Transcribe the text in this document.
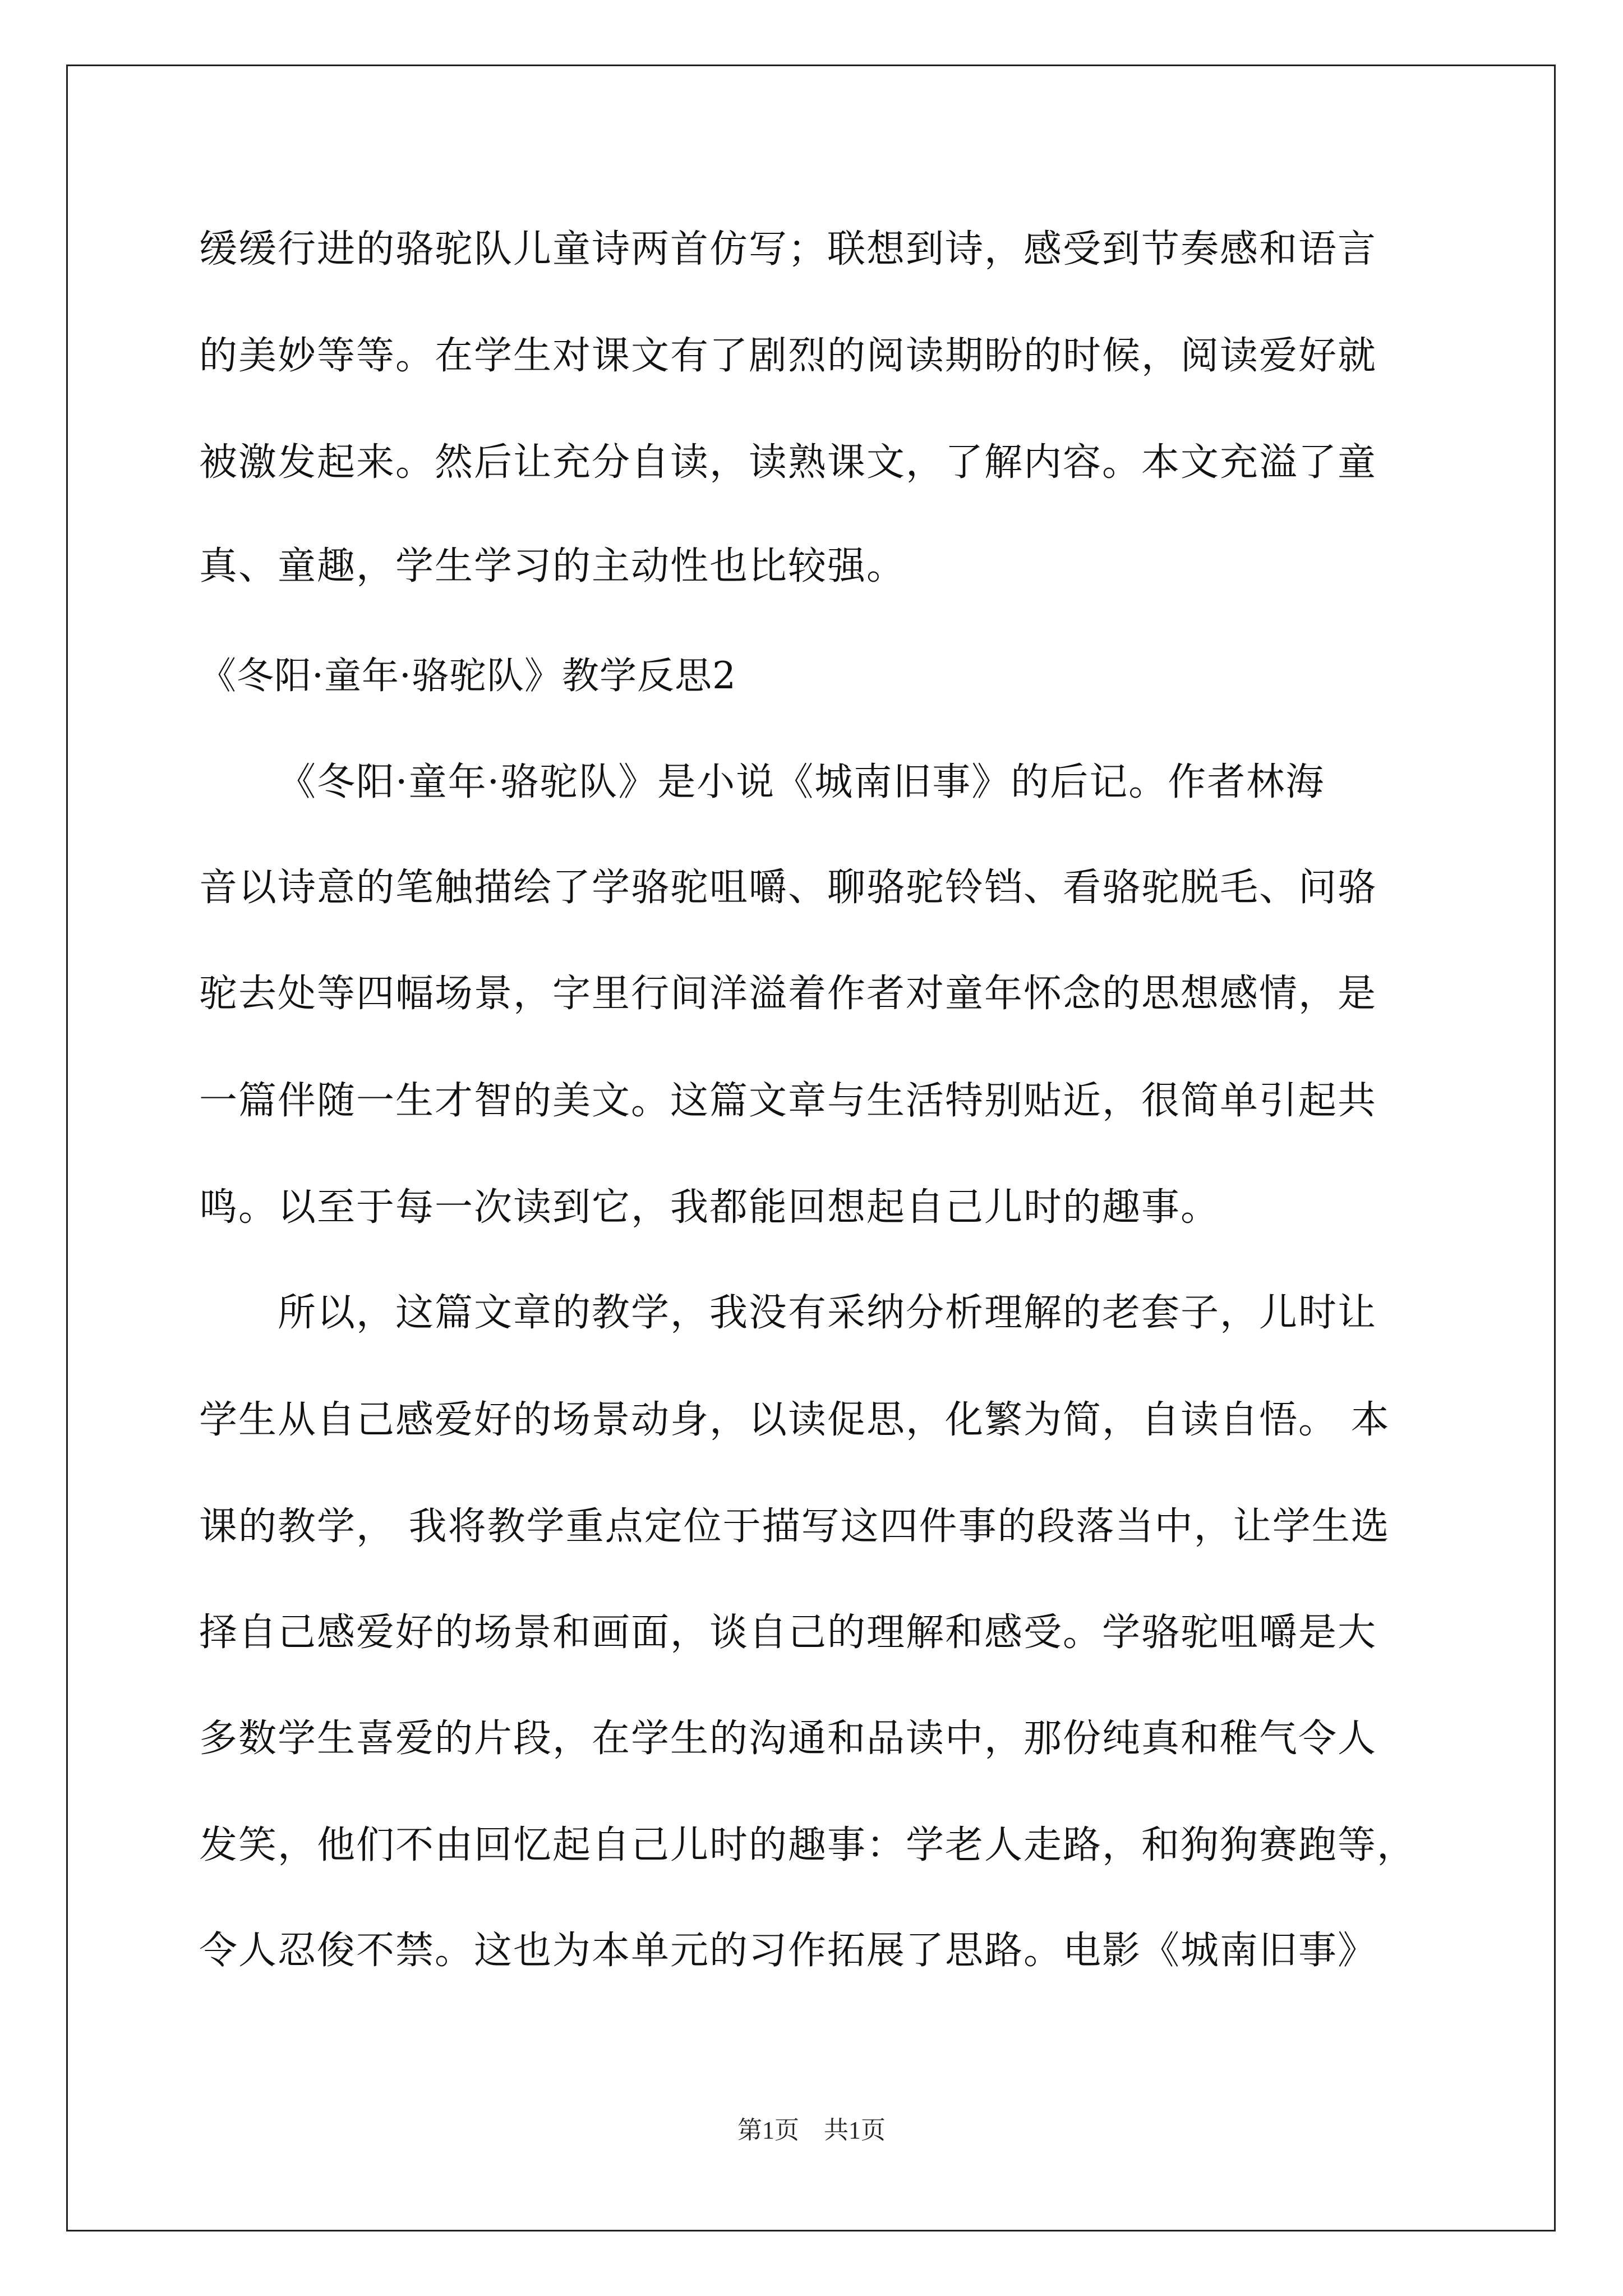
缓缓行进的骆驼队儿童诗两首仿写；联想到诗，感受到节奏感和语言
的美妙等等。在学生对课文有了剧烈的阅读期盼的时候，阅读爱好就
被激发起来。然后让充分自读，读熟课文，了解内容。本文充溢了童
真、童趣，学生学习的主动性也比较强。
《冬阳·童年·骆驼队》教学反思2
《冬阳·童年·骆驼队》是小说《城南旧事》的后记。作者林海
音以诗意的笔触描绘了学骆驼咀嚼、聊骆驼铃铛、看骆驼脱毛、问骆
驼去处等四幅场景，字里行间洋溢着作者对童年怀念的思想感情，是
一篇伴随一生才智的美文。这篇文章与生活特别贴近，很简单引起共
鸣。以至于每一次读到它，我都能回想起自己儿时的趣事。
所以，这篇文章的教学，我没有采纳分析理解的老套子，儿时让
学生从自己感爱好的场景动身，以读促思，化繁为简，自读自悟。 本
课的教学， 我将教学重点定位于描写这四件事的段落当中，让学生选
择自己感爱好的场景和画面，谈自己的理解和感受。学骆驼咀嚼是大
多数学生喜爱的片段，在学生的沟通和品读中，那份纯真和稚气令人
发笑，他们不由回忆起自己儿时的趣事：学老人走路，和狗狗赛跑等，
令人忍俊不禁。这也为本单元的习作拓展了思路。电影《城南旧事》
第1页　共1页
